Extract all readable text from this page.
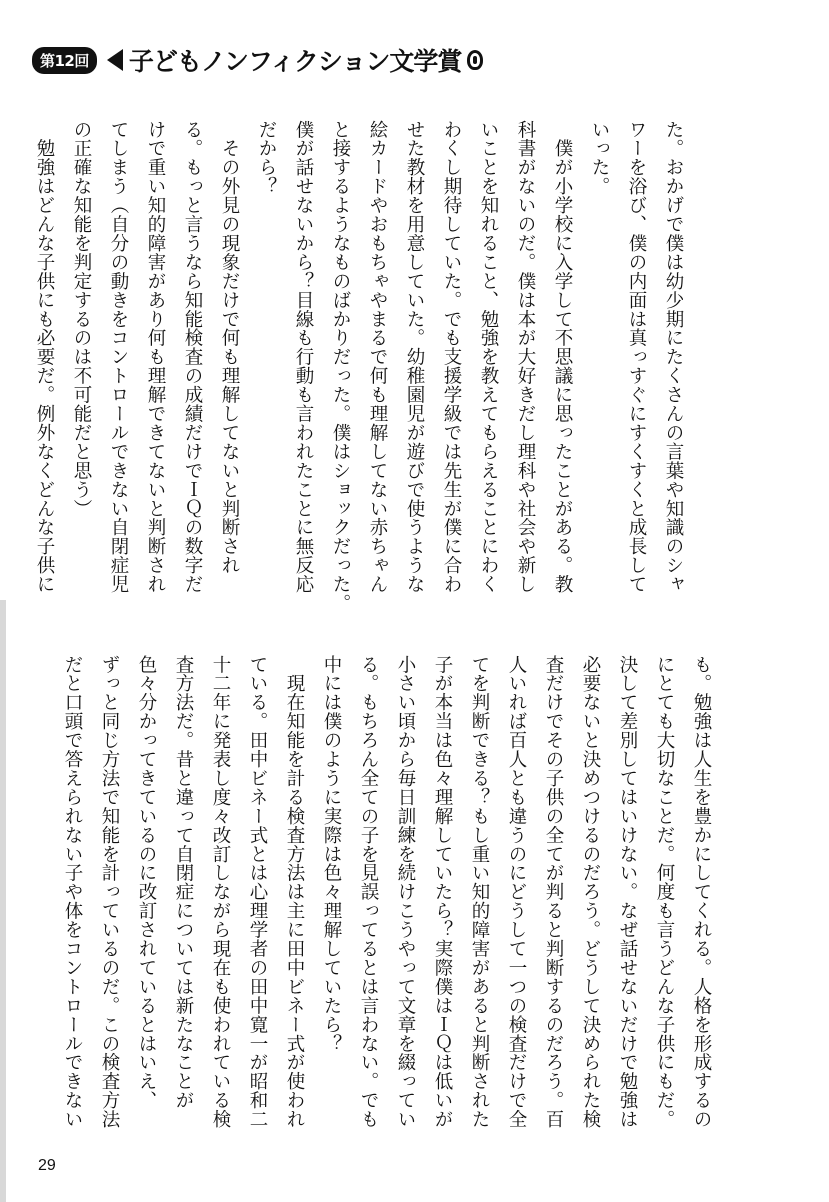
第12回	子どもノンフィクション文学賞
た。おかげで僕は幼少期にたくさんの言葉や知識のシャ
ワーを浴び、僕の内面は真っすぐにすくすくと成長して
いった。
　僕が小学校に入学して不思議に思ったことがある。教
科書がないのだ。僕は本が大好きだし理科や社会や新し
いことを知れること、勉強を教えてもらえることにわく
わくし期待していた。でも支援学級では先生が僕に合わ
せた教材を用意していた。幼稚園児が遊びで使うような
絵カードやおもちゃやまるで何も理解してない赤ちゃん
と接するようなものばかりだった。僕はショックだった。
僕が話せないから？目線も行動も言われたことに無反応
だから？
　その外見の現象だけで何も理解してないと判断され
る。もっと言うなら知能検査の成績だけでＩＱの数字だ
けで重い知的障害があり何も理解できてないと判断され
てしまう（自分の動きをコントロールできない自閉症児
の正確な知能を判定するのは不可能だと思う）
　勉強はどんな子供にも必要だ。例外なくどんな子供に
も。勉強は人生を豊かにしてくれる。人格を形成するの
にとても大切なことだ。何度も言うどんな子供にもだ。
決して差別してはいけない。なぜ話せないだけで勉強は
必要ないと決めつけるのだろう。どうして決められた検
査だけでその子供の全てが判ると判断するのだろう。百
人いれば百人とも違うのにどうして一つの検査だけで全
てを判断できる？もし重い知的障害があると判断された
子が本当は色々理解していたら？実際僕はＩＱは低いが
小さい頃から毎日訓練を続けこうやって文章を綴ってい
る。もちろん全ての子を見誤ってるとは言わない。でも
中には僕のように実際は色々理解していたら？
　現在知能を計る検査方法は主に田中ビネー式が使われ
ている。田中ビネー式とは心理学者の田中寛一が昭和二
十二年に発表し度々改訂しながら現在も使われている検
査方法だ。昔と違って自閉症については新たなことが
色々分かってきているのに改訂されているとはいえ、
ずっと同じ方法で知能を計っているのだ。この検査方法
だと口頭で答えられない子や体をコントロールできない
29
